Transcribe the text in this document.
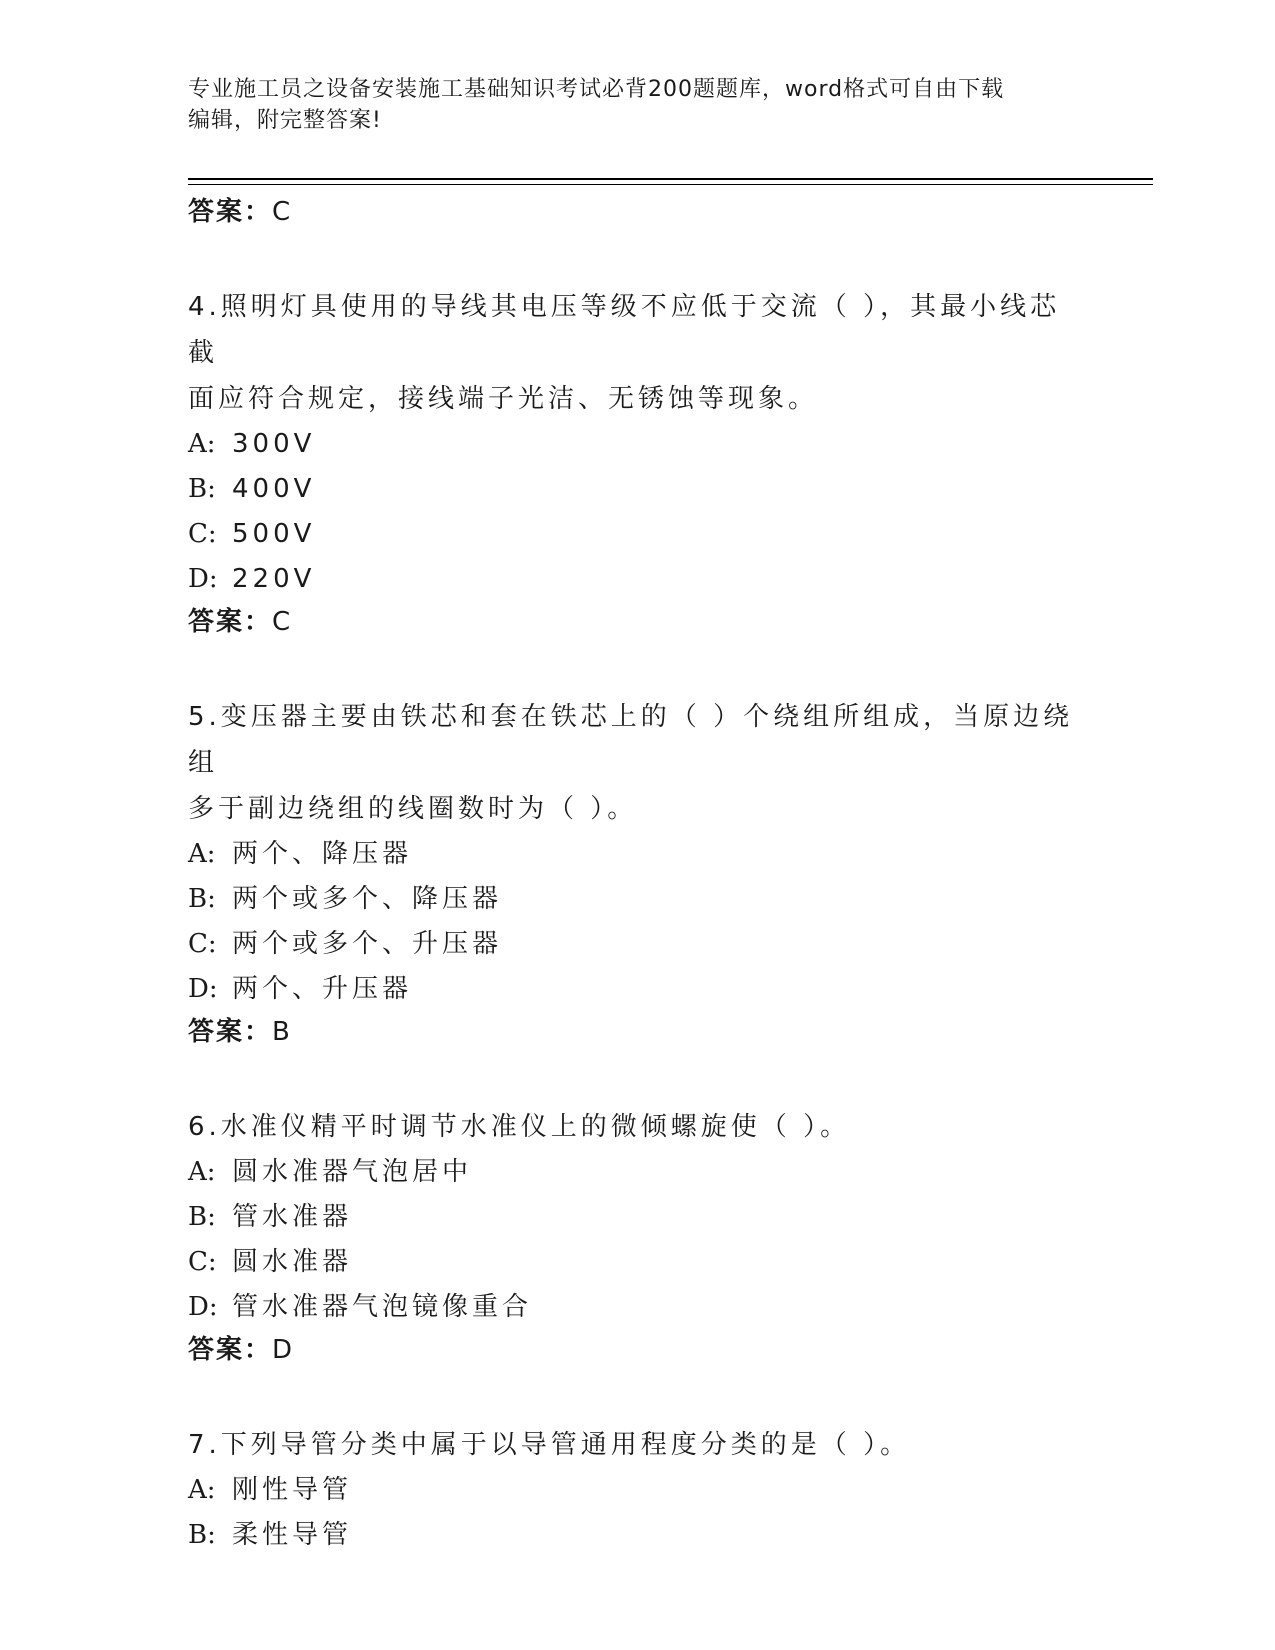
专业施工员之设备安装施工基础知识考试必背200题题库，word格式可自由下载
编辑，附完整答案!

答案：C

4.照明灯具使用的导线其电压等级不应低于交流（ ），其最小线芯截

面应符合规定，接线端子光洁、无锈蚀等现象。

A: 300V

B: 400V

C: 500V

D: 220V

答案：C

5.变压器主要由铁芯和套在铁芯上的（ ）个绕组所组成，当原边绕组

多于副边绕组的线圈数时为（ ）。

A: 两个、降压器

B: 两个或多个、降压器

C: 两个或多个、升压器

D: 两个、升压器

答案：B

6.水准仪精平时调节水准仪上的微倾螺旋使（ ）。

A: 圆水准器气泡居中

B: 管水准器

C: 圆水准器

D: 管水准器气泡镜像重合

答案：D

7.下列导管分类中属于以导管通用程度分类的是（ ）。

A: 刚性导管

B: 柔性导管
